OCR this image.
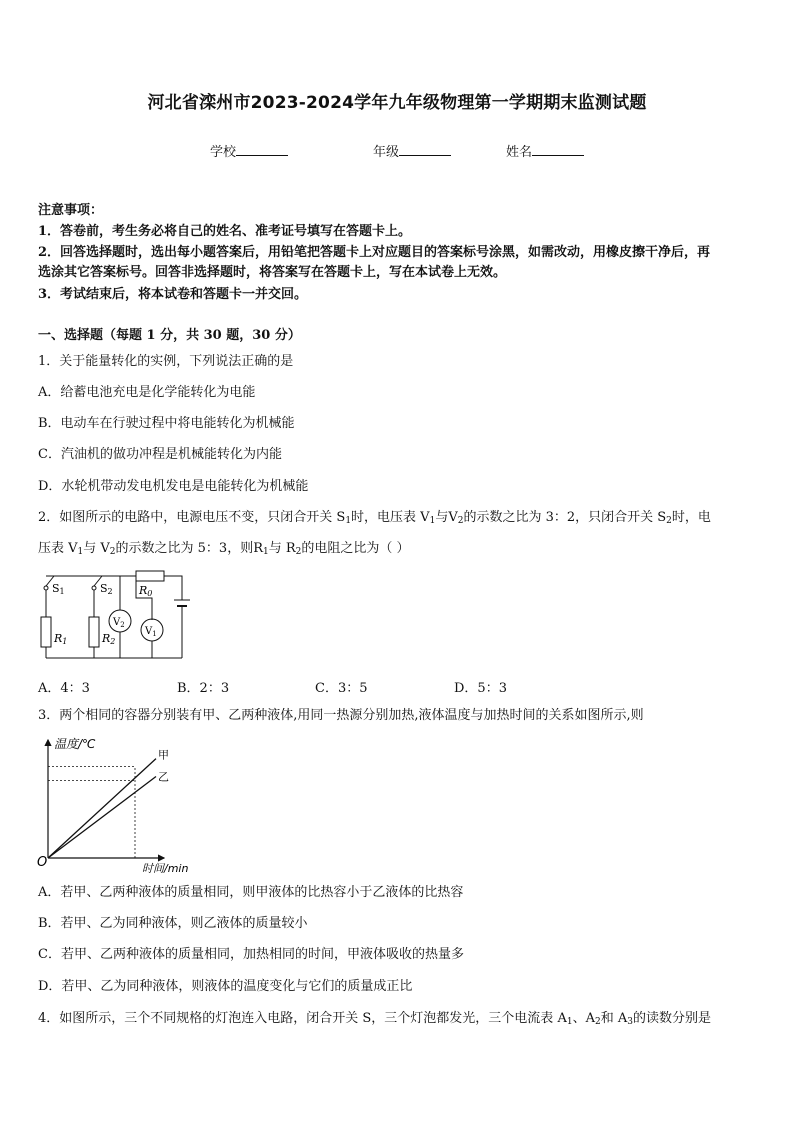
河北省滦州市2023-2024学年九年级物理第一学期期末监测试题
学校	年级	姓名
注意事项：
1．答卷前，考生务必将自己的姓名、准考证号填写在答题卡上。
2．回答选择题时，选出每小题答案后，用铅笔把答题卡上对应题目的答案标号涂黑，如需改动，用橡皮擦干净后，再
选涂其它答案标号。回答非选择题时，将答案写在答题卡上，写在本试卷上无效。
3．考试结束后，将本试卷和答题卡一并交回。
一、选择题（每题 1 分，共 30 题，30 分）
1．关于能量转化的实例，下列说法正确的是
A．给蓄电池充电是化学能转化为电能
B．电动车在行驶过程中将电能转化为机械能
C．汽油机的做功冲程是机械能转化为内能
D．水轮机带动发电机发电是电能转化为机械能
2．如图所示的电路中，电源电压不变，只闭合开关 $S_1$时，电压表 $V_1$与$V_2$的示数之比为 3：2，只闭合开关 $S_2$时，电
压表 $V_1$与 $V_2$的示数之比为 5：3，则$R_1$与 $R_2$的电阻之比为（ ）
S1	S2 R0
R1	R2
$V_2$
$V_1$
A．4：3	B．2：3	C．3：5	D．5：3
3．两个相同的容器分别装有甲、乙两种液体,用同一热源分别加热,液体温度与加热时间的关系如图所示,则
温度/℃
时间/min
O
甲
乙
A．若甲、乙两种液体的质量相同，则甲液体的比热容小于乙液体的比热容
B．若甲、乙为同种液体，则乙液体的质量较小
C．若甲、乙两种液体的质量相同，加热相同的时间，甲液体吸收的热量多
D．若甲、乙为同种液体，则液体的温度变化与它们的质量成正比
4．如图所示，三个不同规格的灯泡连入电路，闭合开关 S，三个灯泡都发光，三个电流表 $A_1$、$A_2$和 $A_3$的读数分别是
